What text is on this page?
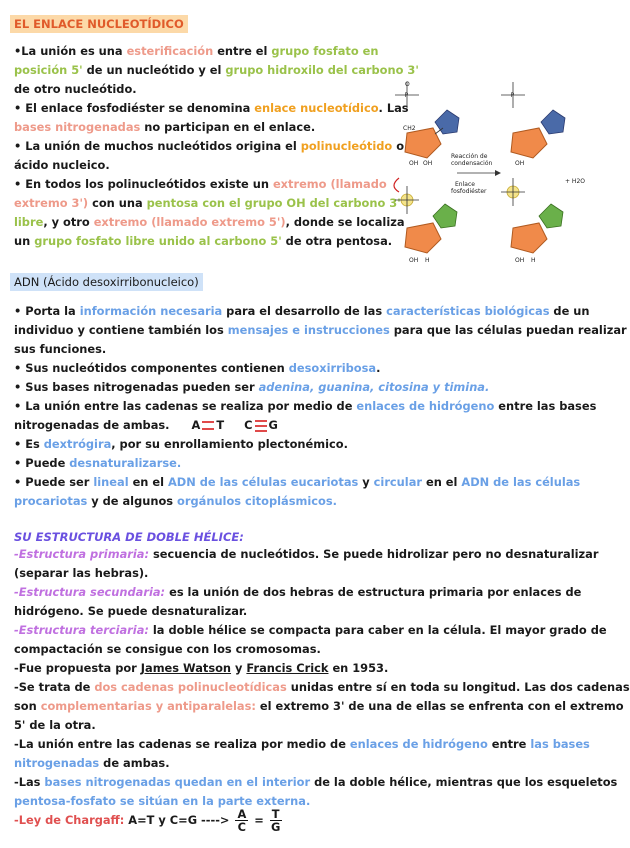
EL ENLACE NUCLEOTÍDICO
•La unión es una esterificación entre el grupo fosfato en
posición 5' de un nucleótido y el grupo hidroxilo del carbono 3'
de otro nucleótido.
• El enlace fosfodiéster se denomina enlace nucleotídico. Las
bases nitrogenadas no participan en el enlace.
• La unión de muchos nucleótidos origina el polinucleótido o
ácido nucleico.
• En todos los polinucleótidos existe un extremo (llamado
extremo 3') con una pentosa con el grupo OH del carbono 3'
libre, y otro extremo (llamado extremo 5'), donde se localiza
un grupo fosfato libre unido al carbono 5' de otra pentosa.
O
P
CH2
OH OH
OH H
Reacción de
condensación
Enlace
fosfodiéster
+ H2O
P
OH
OH H
ADN (Ácido desoxirribonucleico)
• Porta la información necesaria para el desarrollo de las características biológicas de un
individuo y contiene también los mensajes e instrucciones para que las células puedan realizar
sus funciones.
• Sus nucleótidos componentes contienen desoxirribosa.
• Sus bases nitrogenadas pueden ser adenina, guanina, citosina y timina.
• La unión entre las cadenas se realiza por medio de enlaces de hidrógeno entre las bases
nitrogenadas de ambas. A T C G
• Es dextrógira, por su enrollamiento plectonémico.
• Puede desnaturalizarse.
• Puede ser lineal en el ADN de las células eucariotas y circular en el ADN de las células
procariotas y de algunos orgánulos citoplásmicos.
SU ESTRUCTURA DE DOBLE HÉLICE:
-Estructura primaria: secuencia de nucleótidos. Se puede hidrolizar pero no desnaturalizar
(separar las hebras).
-Estructura secundaria: es la unión de dos hebras de estructura primaria por enlaces de
hidrógeno. Se puede desnaturalizar.
-Estructura terciaria: la doble hélice se compacta para caber en la célula. El mayor grado de
compactación se consigue con los cromosomas.
-Fue propuesta por James Watson y Francis Crick en 1953.
-Se trata de dos cadenas polinucleotídicas unidas entre sí en toda su longitud. Las dos cadenas
son complementarias y antiparalelas: el extremo 3' de una de ellas se enfrenta con el extremo
5' de la otra.
-La unión entre las cadenas se realiza por medio de enlaces de hidrógeno entre las bases
nitrogenadas de ambas.
-Las bases nitrogenadas quedan en el interior de la doble hélice, mientras que los esqueletos
pentosa-fosfato se sitúan en la parte externa.
-Ley de Chargaff: A=T y C=G ----> $\frac{A}{C} = \frac{T}{G}$
